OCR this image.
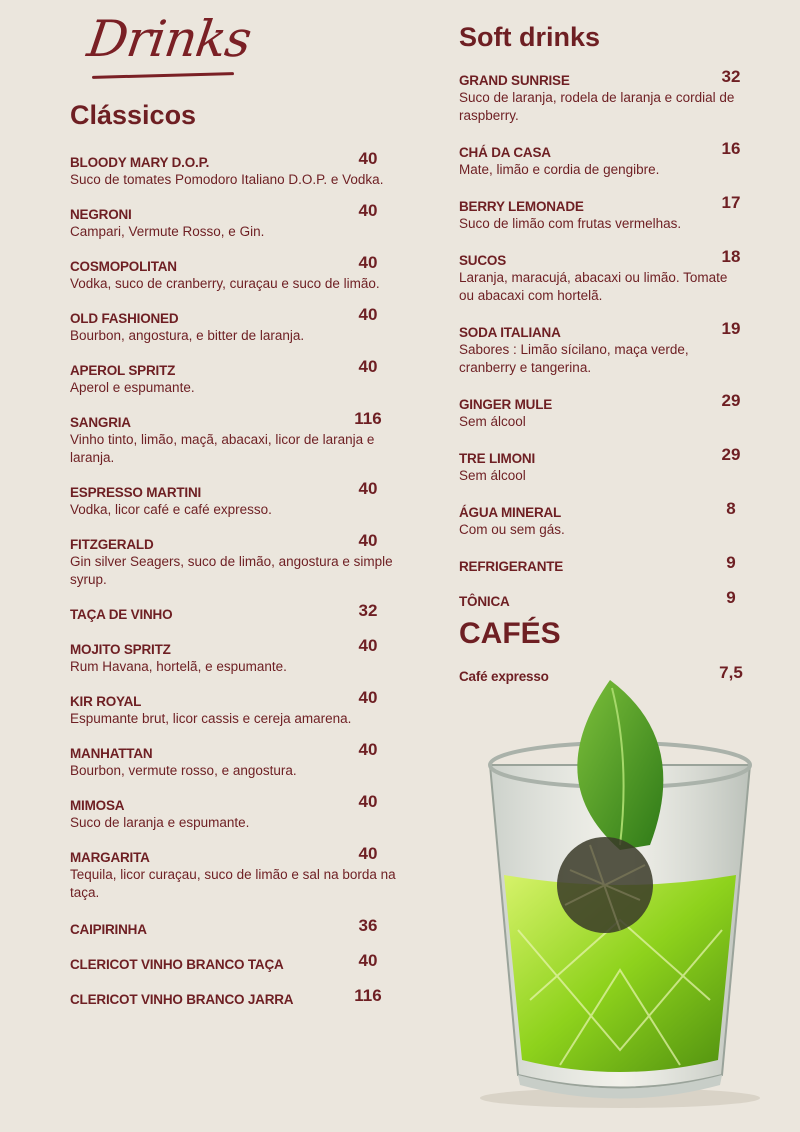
Drinks
Clássicos
BLOODY MARY D.O.P.
Suco de tomates Pomodoro Italiano D.O.P. e Vodka.
40
NEGRONI
Campari, Vermute Rosso, e Gin.
40
COSMOPOLITAN
Vodka, suco de cranberry, curaçau e suco de limão.
40
OLD FASHIONED
Bourbon, angostura, e bitter de laranja.
40
APEROL SPRITZ
Aperol e espumante.
40
SANGRIA
Vinho tinto, limão, maçã, abacaxi, licor de laranja e laranja.
116
ESPRESSO MARTINI
Vodka, licor café e café expresso.
40
FITZGERALD
Gin silver Seagers, suco de limão, angostura e simple syrup.
40
TAÇA DE VINHO	32
MOJITO SPRITZ
Rum Havana, hortelã, e espumante.
40
KIR ROYAL
Espumante brut, licor cassis e cereja amarena.
40
MANHATTAN
Bourbon, vermute rosso, e angostura.
40
MIMOSA
Suco de laranja e espumante.
40
MARGARITA
Tequila, licor curaçau, suco de limão e sal na borda na taça.
40
CAIPIRINHA	36
CLERICOT VINHO BRANCO TAÇA	40
CLERICOT VINHO BRANCO JARRA	116
Soft drinks
GRAND SUNRISE
Suco de laranja, rodela de laranja e cordial de raspberry.
32
CHÁ DA CASA
Mate, limão e cordia de gengibre.
16
BERRY LEMONADE
Suco de limão com frutas vermelhas.
17
SUCOS
Laranja, maracujá, abacaxi ou limão. Tomate ou abacaxi com hortelã.
18
SODA ITALIANA
Sabores : Limão sícilano, maça verde, cranberry e tangerina.
19
GINGER MULE
Sem álcool
29
TRE LIMONI
Sem álcool
29
ÁGUA MINERAL
Com ou sem gás.
8
REFRIGERANTE	9
TÔNICA	9
CAFÉS
Café expresso	7,5
